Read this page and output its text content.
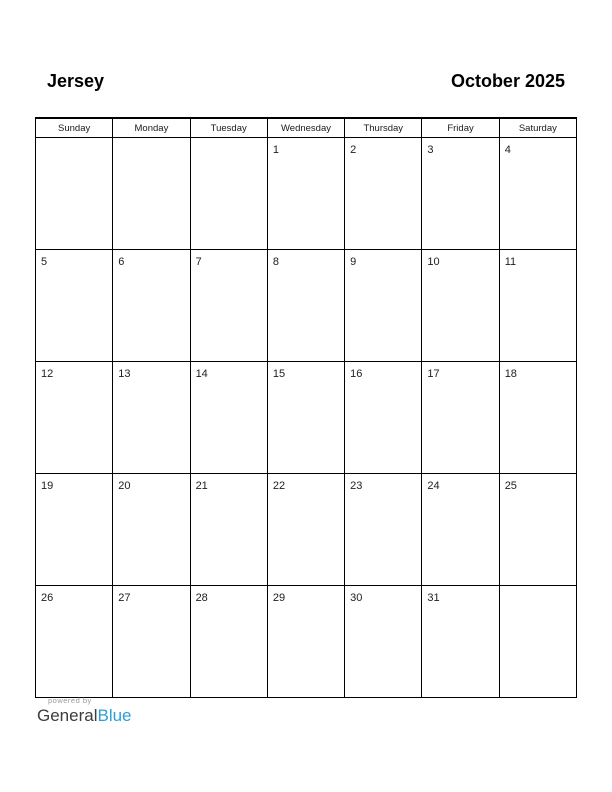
Jersey	October 2025
Sunday	Monday	Tuesday	Wednesday	Thursday	Friday	Saturday
			1	2	3	4
5	6	7	8	9	10	11
12	13	14	15	16	17	18
19	20	21	22	23	24	25
26	27	28	29	30	31	
powered by
GeneralBlue
